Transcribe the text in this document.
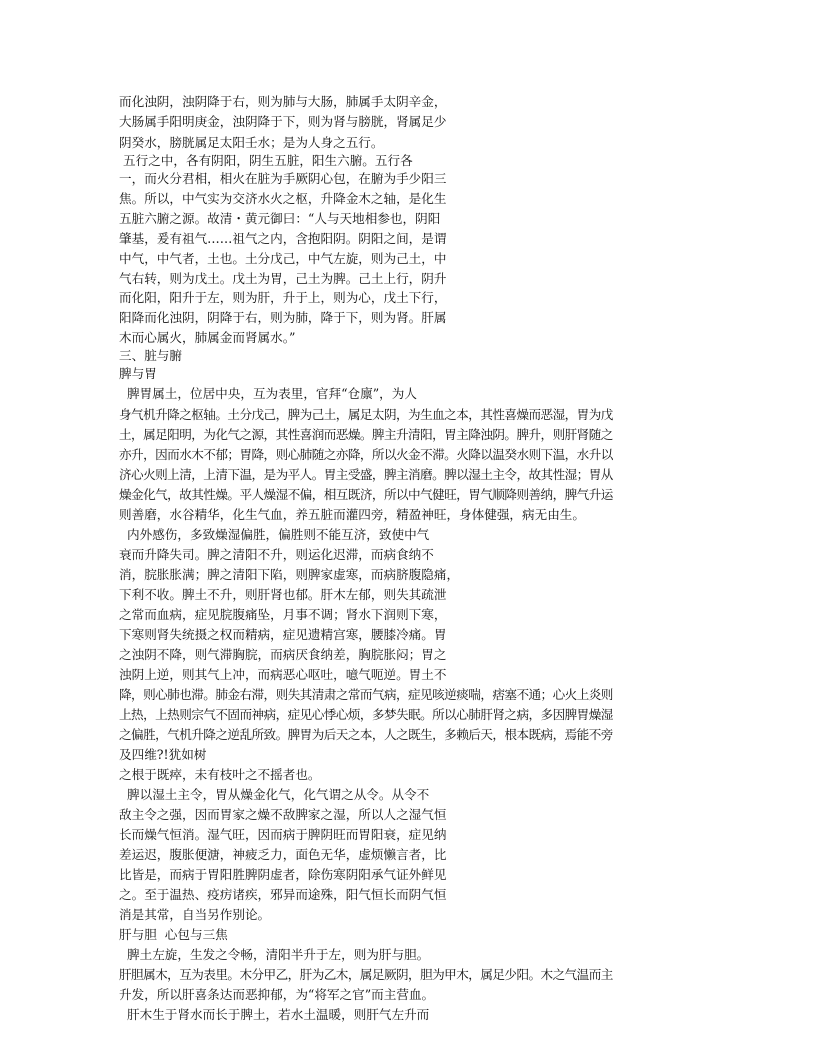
而化浊阴，浊阴降于右，则为肺与大肠，肺属手太阴辛金，

大肠属手阳明庚金，浊阴降于下，则为肾与膀胱，肾属足少

阴癸水，膀胱属足太阳壬水；是为人身之五行。

五行之中，各有阴阳，阴生五脏，阳生六腑。五行各

一，而火分君相，相火在脏为手厥阴心包，在腑为手少阳三

焦。所以，中气实为交济水火之枢，升降金木之轴，是化生

五脏六腑之源。故清・黄元御曰：“人与天地相参也，阴阳

肇基，爰有祖气……祖气之内，含抱阳阴。阴阳之间，是谓

中气，中气者，土也。土分戊己，中气左旋，则为己土，中

气右转，则为戊土。戊土为胃，己土为脾。己土上行，阴升

而化阳，阳升于左，则为肝，升于上，则为心，戊土下行，

阳降而化浊阴，阴降于右，则为肺，降于下，则为肾。肝属

木而心属火，肺属金而肾属水。”

三、脏与腑

脾与胃

脾胃属土，位居中央，互为表里，官拜“仓廪”，为人

身气机升降之枢轴。土分戊己，脾为己土，属足太阴，为生血之本，其性喜燥而恶湿，胃为戊

土，属足阳明，为化气之源，其性喜润而恶燥。脾主升清阳，胃主降浊阴。脾升，则肝肾随之

亦升，因而水木不郁；胃降，则心肺随之亦降，所以火金不滞。火降以温癸水则下温，水升以

济心火则上清，上清下温，是为平人。胃主受盛，脾主消磨。脾以湿土主令，故其性湿；胃从

燥金化气，故其性燥。平人燥湿不偏，相互既济，所以中气健旺，胃气顺降则善纳，脾气升运

则善磨，水谷精华，化生气血，养五脏而灌四旁，精盈神旺，身体健强，病无由生。

内外感伤，多致燥湿偏胜，偏胜则不能互济，致使中气

衰而升降失司。脾之清阳不升，则运化迟滞，而病食纳不

消，脘胀胀满；脾之清阳下陷，则脾家虚寒，而病脐腹隐痛，

下利不收。脾土不升，则肝肾也郁。肝木左郁，则失其疏泄

之常而血病，症见脘腹痛坠，月事不调；肾水下润则下寒，

下寒则肾失统摄之权而精病，症见遗精宫寒，腰膝冷痛。胃

之浊阴不降，则气滞胸脘，而病厌食纳差，胸脘胀闷；胃之

浊阴上逆，则其气上冲，而病恶心呕吐，噫气呃逆。胃土不

降，则心肺也滞。肺金右滞，则失其清肃之常而气病，症见咳逆痰喘，痞塞不通；心火上炎则

上热，上热则宗气不固而神病，症见心悸心烦，多梦失眠。所以心肺肝肾之病，多因脾胃燥湿

之偏胜，气机升降之逆乱所致。脾胃为后天之本，人之既生，多赖后天，根本既病，焉能不旁

及四维?!犹如树

之根于既瘁，未有枝叶之不摇者也。

脾以湿土主令，胃从燥金化气，化气谓之从令。从令不

敌主令之强，因而胃家之燥不敌脾家之湿，所以人之湿气恒

长而燥气恒消。湿气旺，因而病于脾阴旺而胃阳衰，症见纳

差运迟，腹胀便溏，神疲乏力，面色无华，虚烦懒言者，比

比皆是，而病于胃阳胜脾阴虚者，除伤寒阴阳承气证外鲜见

之。至于温热、疫疠诸疾，邪异而途殊，阳气恒长而阴气恒

消是其常，自当另作别论。

肝与胆  心包与三焦

脾土左旋，生发之令畅，清阳半升于左，则为肝与胆。

肝胆属木，互为表里。木分甲乙，肝为乙木，属足厥阴，胆为甲木，属足少阳。木之气温而主

升发，所以肝喜条达而恶抑郁，为“将军之官”而主营血。

肝木生于肾水而长于脾土，若水土温暖，则肝气左升而
